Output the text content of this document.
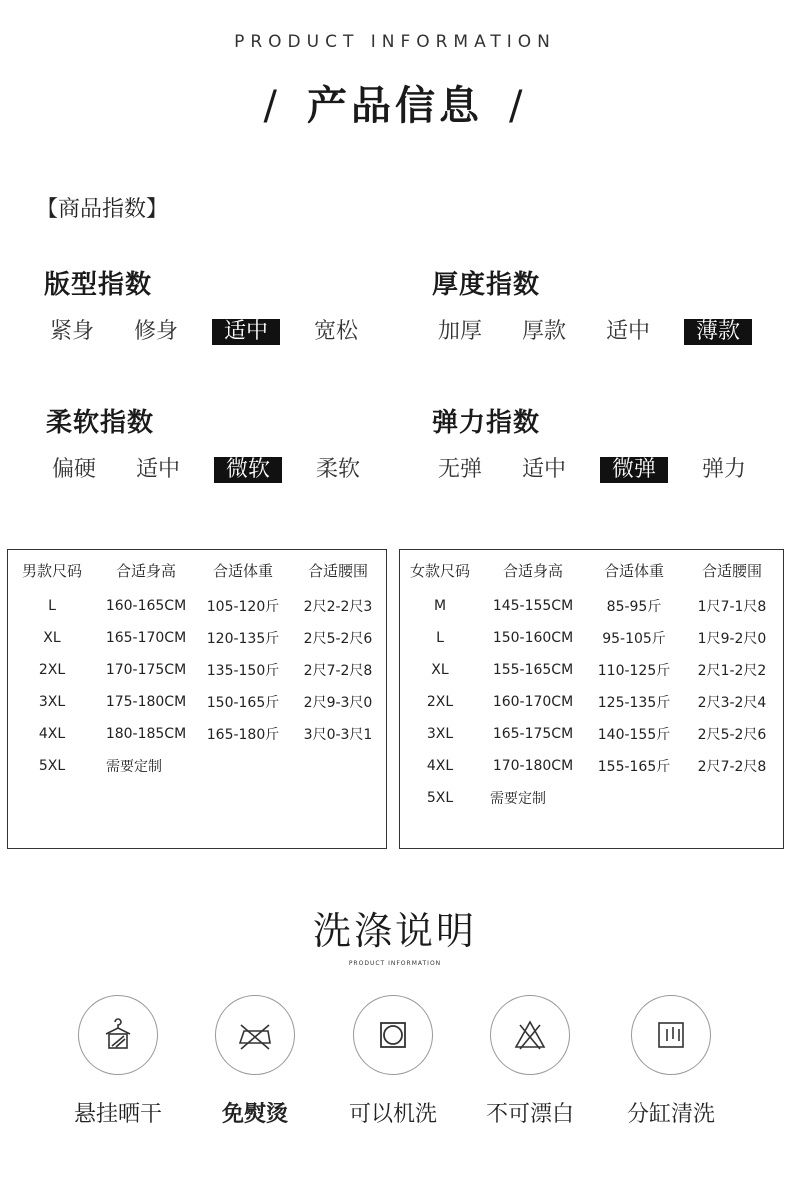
PRODUCT INFORMATION
/ 产品信息 /
【商品指数】
版型指数
紧身 修身	适中	宽松
厚度指数
加厚 厚款 适中	薄款
柔软指数
偏硬 适中	微软	柔软
弹力指数
无弹 适中	微弹	弹力
男款尺码	合适身高	合适体重	合适腰围
L	160-165CM	105-120斤	2尺2-2尺3
XL	165-170CM	120-135斤	2尺5-2尺6
2XL	170-175CM	135-150斤	2尺7-2尺8
3XL	175-180CM	150-165斤	2尺9-3尺0
4XL	180-185CM	165-180斤	3尺0-3尺1
5XL	需要定制
女款尺码	合适身高	合适体重	合适腰围
M	145-155CM	85-95斤	1尺7-1尺8
L	150-160CM	95-105斤	1尺9-2尺0
XL	155-165CM	110-125斤	2尺1-2尺2
2XL	160-170CM	125-135斤	2尺3-2尺4
3XL	165-175CM	140-155斤	2尺5-2尺6
4XL	170-180CM	155-165斤	2尺7-2尺8
5XL	需要定制
洗涤说明
PRODUCT INFORMATION
悬挂晒干	免熨烫	可以机洗	不可漂白	分缸清洗
